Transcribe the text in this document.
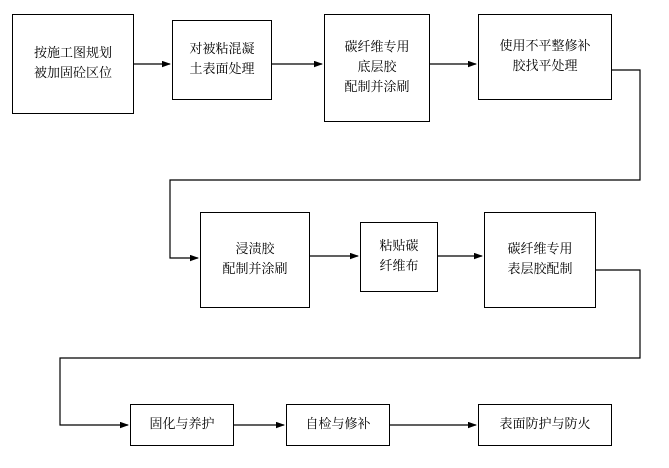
按施工图规划
被加固砼区位
对被粘混凝
土表面处理
碳纤维专用
底层胶
配制并涂刷
使用不平整修补
胶找平处理
浸渍胶
配制并涂刷
粘贴碳
纤维布
碳纤维专用
表层胶配制
固化与养护	自检与修补	表面防护与防火
